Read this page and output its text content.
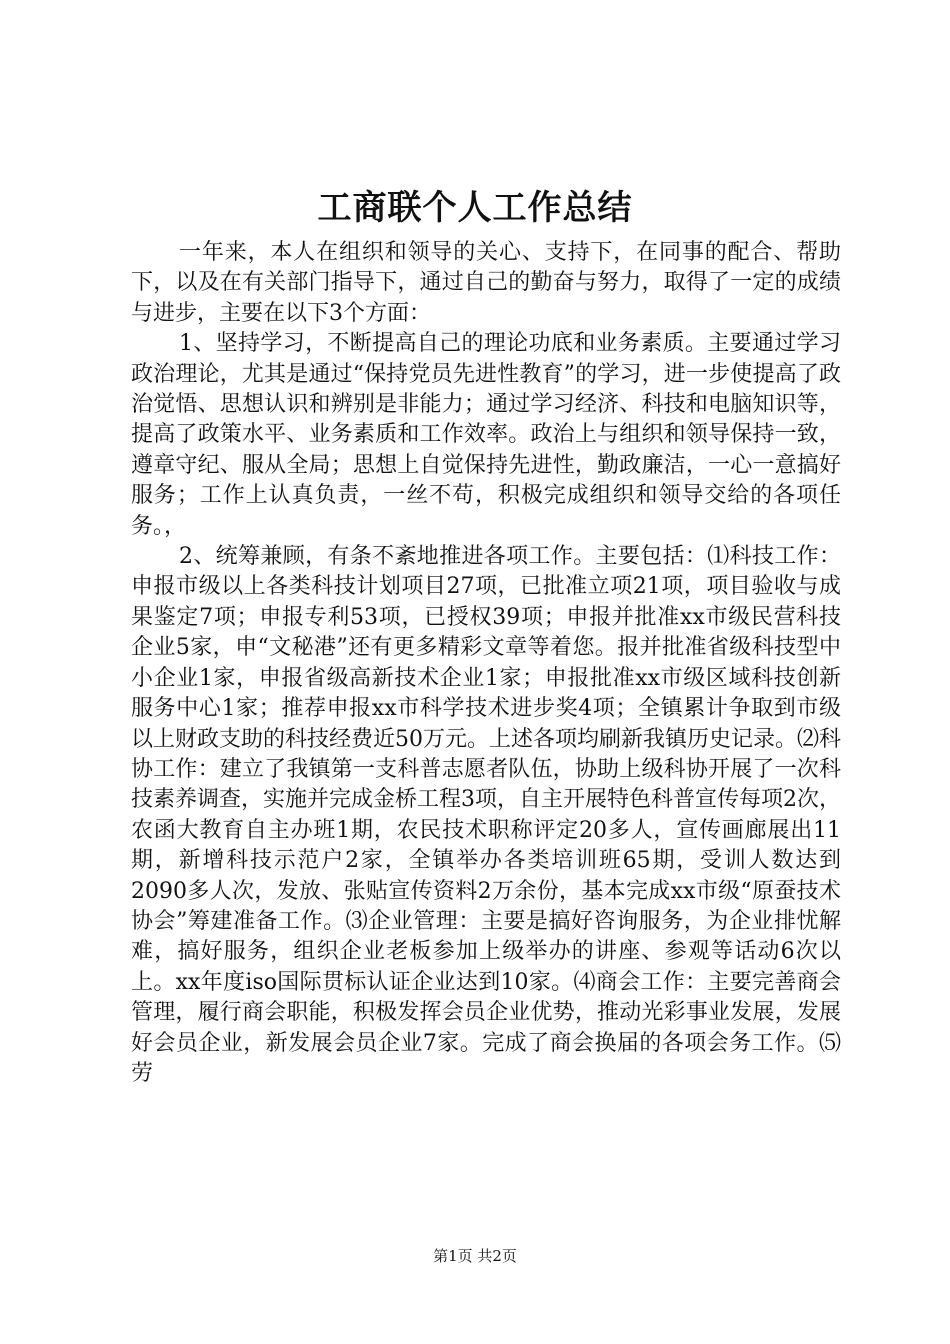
工商联个人工作总结

一年来，本人在组织和领导的关心、支持下，在同事的配合、帮助下，以及在有关部门指导下，通过自己的勤奋与努力，取得了一定的成绩与进步，主要在以下3个方面：

1、坚持学习，不断提高自己的理论功底和业务素质。主要通过学习政治理论，尤其是通过“保持党员先进性教育”的学习，进一步使提高了政治觉悟、思想认识和辨别是非能力；通过学习经济、科技和电脑知识等，提高了政策水平、业务素质和工作效率。政治上与组织和领导保持一致，遵章守纪、服从全局；思想上自觉保持先进性，勤政廉洁，一心一意搞好服务；工作上认真负责，一丝不苟，积极完成组织和领导交给的各项任务。，

2、统筹兼顾，有条不紊地推进各项工作。主要包括：⑴科技工作：申报市级以上各类科技计划项目27项，已批准立项21项，项目验收与成果鉴定7项；申报专利53项，已授权39项；申报并批准xx市级民营科技企业5家，申“文秘港”还有更多精彩文章等着您。报并批准省级科技型中小企业1家，申报省级高新技术企业1家；申报批准xx市级区域科技创新服务中心1家；推荐申报xx市科学技术进步奖4项；全镇累计争取到市级以上财政支助的科技经费近50万元。上述各项均刷新我镇历史记录。⑵科协工作：建立了我镇第一支科普志愿者队伍，协助上级科协开展了一次科技素养调查，实施并完成金桥工程3项，自主开展特色科普宣传每项2次，农函大教育自主办班1期，农民技术职称评定20多人，宣传画廊展出11期，新增科技示范户2家，全镇举办各类培训班65期，受训人数达到2090多人次，发放、张贴宣传资料2万余份，基本完成xx市级“原蚕技术协会”筹建准备工作。⑶企业管理：主要是搞好咨询服务，为企业排忧解难，搞好服务，组织企业老板参加上级举办的讲座、参观等话动6次以上。xx年度iso国际贯标认证企业达到10家。⑷商会工作：主要完善商会管理，履行商会职能，积极发挥会员企业优势，推动光彩事业发展，发展好会员企业，新发展会员企业7家。完成了商会换届的各项会务工作。⑸劳

第1页 共2页
